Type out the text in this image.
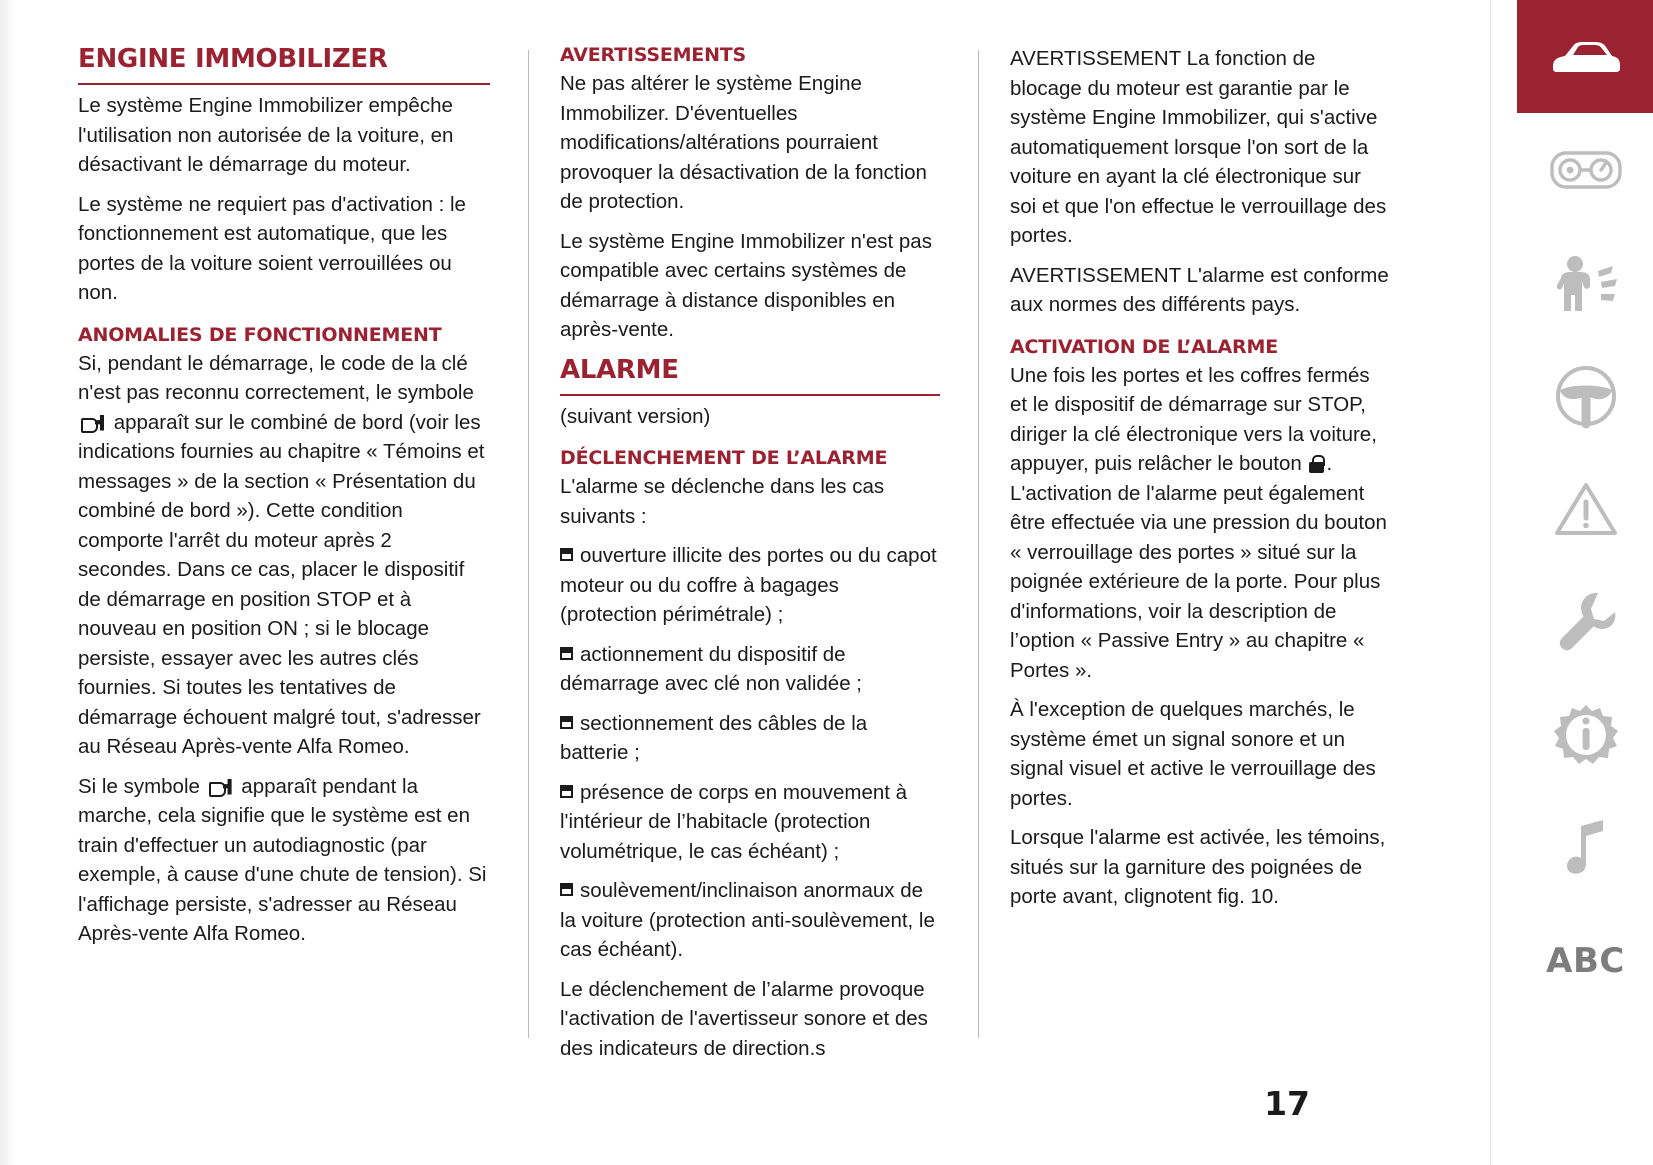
ENGINE IMMOBILIZER

Le système Engine Immobilizer empêche l'utilisation non autorisée de la voiture, en désactivant le démarrage du moteur.

Le système ne requiert pas d'activation : le fonctionnement est automatique, que les portes de la voiture soient verrouillées ou non.

ANOMALIES DE FONCTIONNEMENT

Si, pendant le démarrage, le code de la clé n'est pas reconnu correctement, le symbole  apparaît sur le combiné de bord (voir les indications fournies au chapitre « Témoins et messages » de la section « Présentation du combiné de bord »). Cette condition comporte l'arrêt du moteur après 2 secondes. Dans ce cas, placer le dispositif de démarrage en position STOP et à nouveau en position ON ; si le blocage persiste, essayer avec les autres clés fournies. Si toutes les tentatives de démarrage échouent malgré tout, s'adresser au Réseau Après-vente Alfa Romeo.

Si le symbole  apparaît pendant la marche, cela signifie que le système est en train d'effectuer un autodiagnostic (par exemple, à cause d'une chute de tension). Si l'affichage persiste, s'adresser au Réseau Après-vente Alfa Romeo.

AVERTISSEMENTS

Ne pas altérer le système Engine Immobilizer. D'éventuelles modifications/altérations pourraient provoquer la désactivation de la fonction de protection.

Le système Engine Immobilizer n'est pas compatible avec certains systèmes de démarrage à distance disponibles en après-vente.

ALARME

(suivant version)

DÉCLENCHEMENT DE L’ALARME

L'alarme se déclenche dans les cas suivants :

ouverture illicite des portes ou du capot moteur ou du coffre à bagages (protection périmétrale) ;

actionnement du dispositif de démarrage avec clé non validée ;

sectionnement des câbles de la batterie ;

présence de corps en mouvement à l'intérieur de l’habitacle (protection volumétrique, le cas échéant) ;

soulèvement/inclinaison anormaux de la voiture (protection anti-soulèvement, le cas échéant).

Le déclenchement de l’alarme provoque l'activation de l'avertisseur sonore et des des indicateurs de direction.s

AVERTISSEMENT La fonction de blocage du moteur est garantie par le système Engine Immobilizer, qui s'active automatiquement lorsque l'on sort de la voiture en ayant la clé électronique sur soi et que l'on effectue le verrouillage des portes.

AVERTISSEMENT L'alarme est conforme aux normes des différents pays.

ACTIVATION DE L’ALARME

Une fois les portes et les coffres fermés et le dispositif de démarrage sur STOP, diriger la clé électronique vers la voiture, appuyer, puis relâcher le bouton . L'activation de l'alarme peut également être effectuée via une pression du bouton « verrouillage des portes » situé sur la poignée extérieure de la porte. Pour plus d'informations, voir la description de l’option « Passive Entry » au chapitre « Portes ».

À l'exception de quelques marchés, le système émet un signal sonore et un signal visuel et active le verrouillage des portes.

Lorsque l'alarme est activée, les témoins, situés sur la garniture des poignées de porte avant, clignotent fig. 10.

17
ABC
